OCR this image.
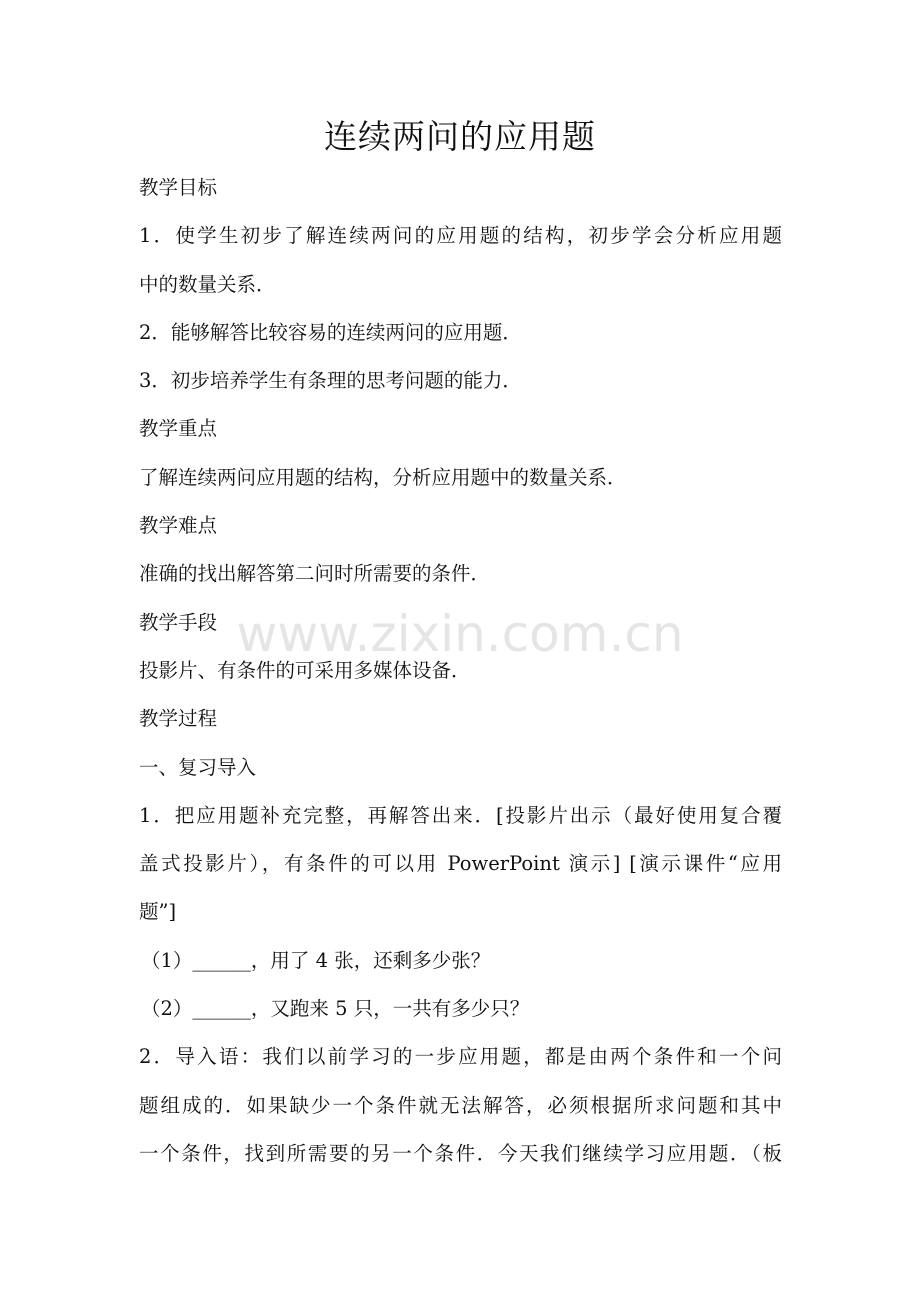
连续两问的应用题
教学目标
1．使学生初步了解连续两问的应用题的结构，初步学会分析应用题
中的数量关系．
2．能够解答比较容易的连续两问的应用题．
3．初步培养学生有条理的思考问题的能力．
教学重点
了解连续两问应用题的结构，分析应用题中的数量关系．
教学难点
准确的找出解答第二问时所需要的条件．
教学手段
投影片、有条件的可采用多媒体设备．
教学过程
一、复习导入
1．把应用题补充完整，再解答出来．[投影片出示（最好使用复合覆
盖式投影片），有条件的可以用 PowerPoint 演示] [演示课件“应用
题”]
（1）______，用了 4 张，还剩多少张？
（2）______，又跑来 5 只，一共有多少只？
2．导入语：我们以前学习的一步应用题，都是由两个条件和一个问
题组成的．如果缺少一个条件就无法解答，必须根据所求问题和其中
一个条件，找到所需要的另一个条件．今天我们继续学习应用题．（板
www.zixin.com.cn
